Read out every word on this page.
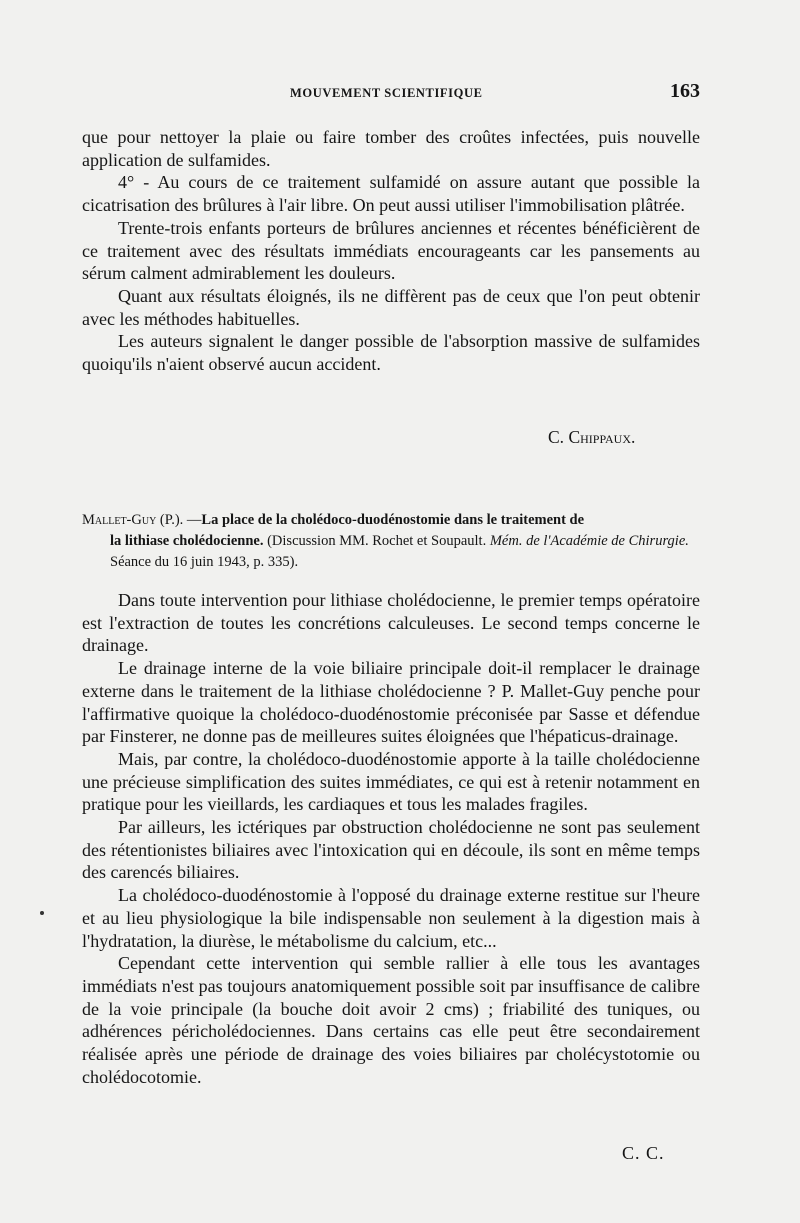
MOUVEMENT SCIENTIFIQUE	163

que pour nettoyer la plaie ou faire tomber des croûtes infectées, puis nouvelle application de sulfamides.

4° - Au cours de ce traitement sulfamidé on assure autant que possible la cicatrisation des brûlures à l'air libre. On peut aussi utiliser l'immobilisation plâtrée.

Trente-trois enfants porteurs de brûlures anciennes et récentes bénéficièrent de ce traitement avec des résultats immédiats encourageants car les pansements au sérum calment admirablement les douleurs.

Quant aux résultats éloignés, ils ne diffèrent pas de ceux que l'on peut obtenir avec les méthodes habituelles.

Les auteurs signalent le danger possible de l'absorption massive de sulfamides quoiqu'ils n'aient observé aucun accident.

C. Chippaux.
Mallet-Guy (P.). —La place de la cholédoco-duodénostomie dans le traitement de
la lithiase cholédocienne. (Discussion MM. Rochet et Soupault. Mém. de l'Académie de Chirurgie. Séance du 16 juin 1943, p. 335).

Dans toute intervention pour lithiase cholédocienne, le premier temps opératoire est l'extraction de toutes les concrétions calculeuses. Le second temps concerne le drainage.

Le drainage interne de la voie biliaire principale doit-il remplacer le drainage externe dans le traitement de la lithiase cholédocienne ? P. Mallet-Guy penche pour l'affirmative quoique la cholédoco-duodénostomie préconisée par Sasse et défendue par Finsterer, ne donne pas de meilleures suites éloignées que l'hépaticus-drainage.

Mais, par contre, la cholédoco-duodénostomie apporte à la taille cholédocienne une précieuse simplification des suites immédiates, ce qui est à retenir notamment en pratique pour les vieillards, les cardiaques et tous les malades fragiles.

Par ailleurs, les ictériques par obstruction cholédocienne ne sont pas seulement des rétentionistes biliaires avec l'intoxication qui en découle, ils sont en même temps des carencés biliaires.

La cholédoco-duodénostomie à l'opposé du drainage externe restitue sur l'heure et au lieu physiologique la bile indispensable non seulement à la digestion mais à l'hydratation, la diurèse, le métabolisme du calcium, etc...

Cependant cette intervention qui semble rallier à elle tous les avantages immédiats n'est pas toujours anatomiquement possible soit par insuffisance de calibre de la voie principale (la bouche doit avoir 2 cms) ; friabilité des tuniques, ou adhérences péricholédociennes. Dans certains cas elle peut être secondairement réalisée après une période de drainage des voies biliaires par cholécystotomie ou cholédocotomie.

C. C.
